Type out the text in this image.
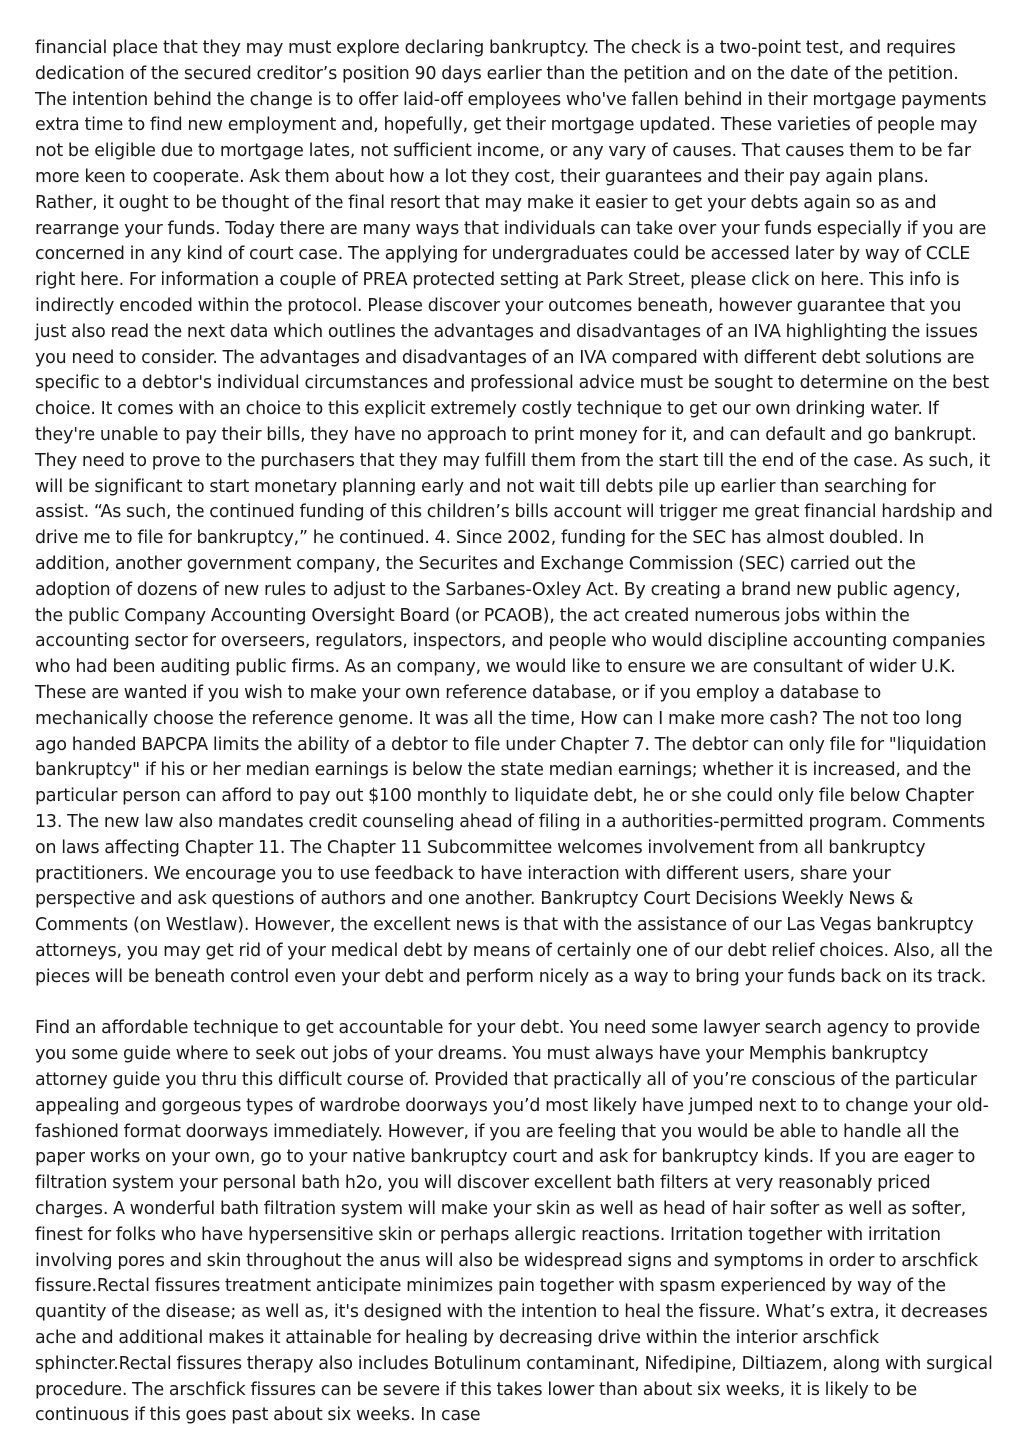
financial place that they may must explore declaring bankruptcy. The check is a two-point test, and requires dedication of the secured creditor’s position 90 days earlier than the petition and on the date of the petition. The intention behind the change is to offer laid-off employees who've fallen behind in their mortgage payments extra time to find new employment and, hopefully, get their mortgage updated. These varieties of people may not be eligible due to mortgage lates, not sufficient income, or any vary of causes. That causes them to be far more keen to cooperate. Ask them about how a lot they cost, their guarantees and their pay again plans. Rather, it ought to be thought of the final resort that may make it easier to get your debts again so as and rearrange your funds. Today there are many ways that individuals can take over your funds especially if you are concerned in any kind of court case. The applying for undergraduates could be accessed later by way of CCLE right here. For information a couple of PREA protected setting at Park Street, please click on here. This info is indirectly encoded within the protocol. Please discover your outcomes beneath, however guarantee that you just also read the next data which outlines the advantages and disadvantages of an IVA highlighting the issues you need to consider. The advantages and disadvantages of an IVA compared with different debt solutions are specific to a debtor's individual circumstances and professional advice must be sought to determine on the best choice. It comes with an choice to this explicit extremely costly technique to get our own drinking water. If they're unable to pay their bills, they have no approach to print money for it, and can default and go bankrupt. They need to prove to the purchasers that they may fulfill them from the start till the end of the case. As such, it will be significant to start monetary planning early and not wait till debts pile up earlier than searching for assist. “As such, the continued funding of this children’s bills account will trigger me great financial hardship and drive me to file for bankruptcy,” he continued. 4. Since 2002, funding for the SEC has almost doubled. In addition, another government company, the Securites and Exchange Commission (SEC) carried out the adoption of dozens of new rules to adjust to the Sarbanes-Oxley Act. By creating a brand new public agency, the public Company Accounting Oversight Board (or PCAOB), the act created numerous jobs within the accounting sector for overseers, regulators, inspectors, and people who would discipline accounting companies who had been auditing public firms. As an company, we would like to ensure we are consultant of wider U.K. These are wanted if you wish to make your own reference database, or if you employ a database to mechanically choose the reference genome. It was all the time, How can I make more cash? The not too long ago handed BAPCPA limits the ability of a debtor to file under Chapter 7. The debtor can only file for "liquidation bankruptcy" if his or her median earnings is below the state median earnings; whether it is increased, and the particular person can afford to pay out $100 monthly to liquidate debt, he or she could only file below Chapter 13. The new law also mandates credit counseling ahead of filing in a authorities-permitted program. Comments on laws affecting Chapter 11. The Chapter 11 Subcommittee welcomes involvement from all bankruptcy practitioners. We encourage you to use feedback to have interaction with different users, share your perspective and ask questions of authors and one another. Bankruptcy Court Decisions Weekly News & Comments (on Westlaw). However, the excellent news is that with the assistance of our Las Vegas bankruptcy attorneys, you may get rid of your medical debt by means of certainly one of our debt relief choices. Also, all the pieces will be beneath control even your debt and perform nicely as a way to bring your funds back on its track.

Find an affordable technique to get accountable for your debt. You need some lawyer search agency to provide you some guide where to seek out jobs of your dreams. You must always have your Memphis bankruptcy attorney guide you thru this difficult course of. Provided that practically all of you’re conscious of the particular appealing and gorgeous types of wardrobe doorways you’d most likely have jumped next to to change your old-fashioned format doorways immediately. However, if you are feeling that you would be able to handle all the paper works on your own, go to your native bankruptcy court and ask for bankruptcy kinds. If you are eager to filtration system your personal bath h2o, you will discover excellent bath filters at very reasonably priced charges. A wonderful bath filtration system will make your skin as well as head of hair softer as well as softer, finest for folks who have hypersensitive skin or perhaps allergic reactions. Irritation together with irritation involving pores and skin throughout the anus will also be widespread signs and symptoms in order to arschfick fissure.Rectal fissures treatment anticipate minimizes pain together with spasm experienced by way of the quantity of the disease; as well as, it's designed with the intention to heal the fissure. What’s extra, it decreases ache and additional makes it attainable for healing by decreasing drive within the interior arschfick sphincter.Rectal fissures therapy also includes Botulinum contaminant, Nifedipine, Diltiazem, along with surgical procedure. The arschfick fissures can be severe if this takes lower than about six weeks, it is likely to be continuous if this goes past about six weeks. In case
